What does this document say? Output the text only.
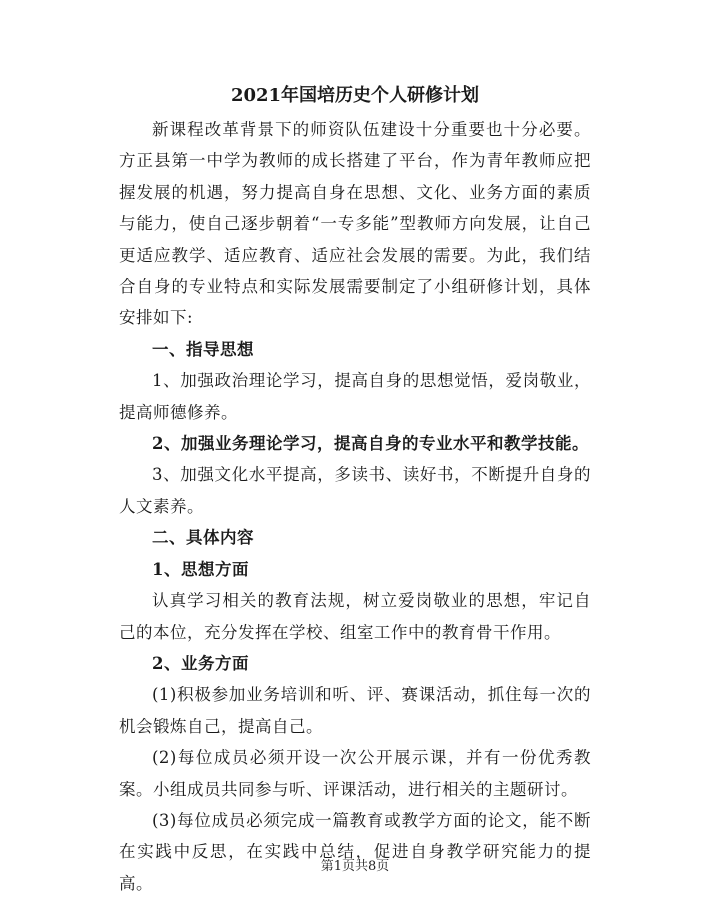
2021年国培历史个人研修计划

新课程改革背景下的师资队伍建设十分重要也十分必要。方正县第一中学为教师的成长搭建了平台，作为青年教师应把握发展的机遇，努力提高自身在思想、文化、业务方面的素质与能力，使自己逐步朝着“一专多能”型教师方向发展，让自己更适应教学、适应教育、适应社会发展的需要。为此，我们结合自身的专业特点和实际发展需要制定了小组研修计划，具体安排如下:

一、指导思想

1、加强政治理论学习，提高自身的思想觉悟，爱岗敬业，提高师德修养。

2、加强业务理论学习，提高自身的专业水平和教学技能。

3、加强文化水平提高，多读书、读好书，不断提升自身的人文素养。

二、具体内容

1、思想方面

认真学习相关的教育法规，树立爱岗敬业的思想，牢记自己的本位，充分发挥在学校、组室工作中的教育骨干作用。

2、业务方面

(1)积极参加业务培训和听、评、赛课活动，抓住每一次的机会锻炼自己，提高自己。

(2)每位成员必须开设一次公开展示课，并有一份优秀教案。小组成员共同参与听、评课活动，进行相关的主题研讨。

(3)每位成员必须完成一篇教育或教学方面的论文，能不断在实践中反思，在实践中总结，促进自身教学研究能力的提高。

第1页共8页
